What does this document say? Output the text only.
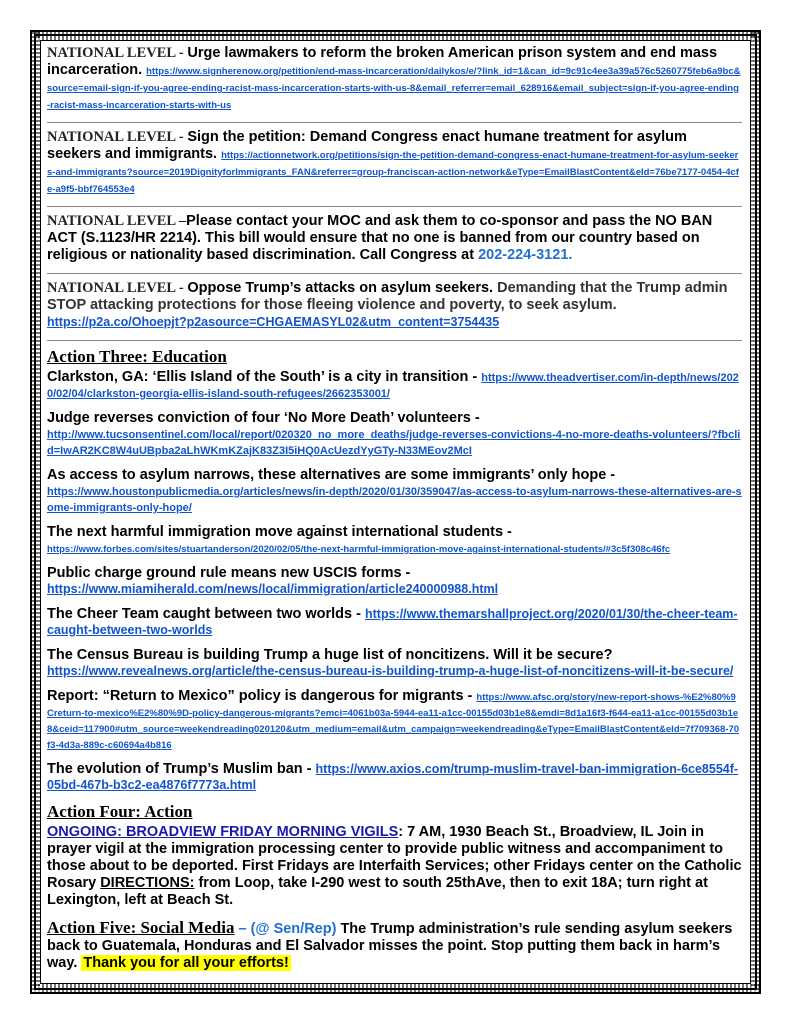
NATIONAL LEVEL - Urge lawmakers to reform the broken American prison system and end mass incarceration. https://www.signherenow.org/petition/end-mass-incarceration/dailykos/e/?link_id=1&can_id=9c91c4ee3a39a576c5260775feb6a9bc&source=email-sign-if-you-agree-ending-racist-mass-incarceration-starts-with-us-8&email_referrer=email_628916&email_subject=sign-if-you-agree-ending-racist-mass-incarceration-starts-with-us
NATIONAL LEVEL - Sign the petition: Demand Congress enact humane treatment for asylum seekers and immigrants. https://actionnetwork.org/petitions/sign-the-petition-demand-congress-enact-humane-treatment-for-asylum-seekers-and-immigrants?source=2019DignityforImmigrants_FAN&referrer=group-franciscan-action-network&eType=EmailBlastContent&eId=76be7177-0454-4cfe-a9f5-bbf764553e4
NATIONAL LEVEL –Please contact your MOC and ask them to co-sponsor and pass the NO BAN ACT (S.1123/HR 2214). This bill would ensure that no one is banned from our country based on religious or nationality based discrimination. Call Congress at 202-224-3121.
NATIONAL LEVEL - Oppose Trump’s attacks on asylum seekers. Demanding that the Trump admin STOP attacking protections for those fleeing violence and poverty, to seek asylum.
https://p2a.co/Ohoepjt?p2asource=CHGAEMASYL02&utm_content=3754435
Action Three: Education
Clarkston, GA: ‘Ellis Island of the South’ is a city in transition - https://www.theadvertiser.com/in-depth/news/2020/02/04/clarkston-georgia-ellis-island-south-refugees/2662353001/
Judge reverses conviction of four ‘No More Death’ volunteers -
http://www.tucsonsentinel.com/local/report/020320_no_more_deaths/judge-reverses-convictions-4-no-more-deaths-volunteers/?fbclid=IwAR2KC8W4uUBpba2aLhWKmKZajK83Z3I5iHQ0AcUezdYyGTy-N33MEov2McI
As access to asylum narrows, these alternatives are some immigrants’ only hope -
https://www.houstonpublicmedia.org/articles/news/in-depth/2020/01/30/359047/as-access-to-asylum-narrows-these-alternatives-are-some-immigrants-only-hope/
The next harmful immigration move against international students -
https://www.forbes.com/sites/stuartanderson/2020/02/05/the-next-harmful-immigration-move-against-international-students/#3c5f308c46fc
Public charge ground rule means new USCIS forms -
https://www.miamiherald.com/news/local/immigration/article240000988.html
The Cheer Team caught between two worlds - https://www.themarshallproject.org/2020/01/30/the-cheer-team-caught-between-two-worlds
The Census Bureau is building Trump a huge list of noncitizens. Will it be secure?
https://www.revealnews.org/article/the-census-bureau-is-building-trump-a-huge-list-of-noncitizens-will-it-be-secure/
Report: “Return to Mexico” policy is dangerous for migrants - https://www.afsc.org/story/new-report-shows-%E2%80%9Creturn-to-mexico%E2%80%9D-policy-dangerous-migrants?emci=4061b03a-5944-ea11-a1cc-00155d03b1e8&emdi=8d1a16f3-f644-ea11-a1cc-00155d03b1e8&ceid=117900#utm_source=weekendreading020120&utm_medium=email&utm_campaign=weekendreading&eType=EmailBlastContent&eId=7f709368-70f3-4d3a-889c-c60694a4b816
The evolution of Trump’s Muslim ban - https://www.axios.com/trump-muslim-travel-ban-immigration-6ce8554f-05bd-467b-b3c2-ea4876f7773a.html
Action Four: Action
ONGOING: BROADVIEW FRIDAY MORNING VIGILS: 7 AM, 1930 Beach St., Broadview, IL Join in prayer vigil at the immigration processing center to provide public witness and accompaniment to those about to be deported. First Fridays are Interfaith Services; other Fridays center on the Catholic Rosary DIRECTIONS: from Loop, take I-290 west to south 25thAve, then to exit 18A; turn right at Lexington, left at Beach St.
Action Five: Social Media – (@ Sen/Rep) The Trump administration’s rule sending asylum seekers back to Guatemala, Honduras and El Salvador misses the point. Stop putting them back in harm’s way. Thank you for all your efforts!
